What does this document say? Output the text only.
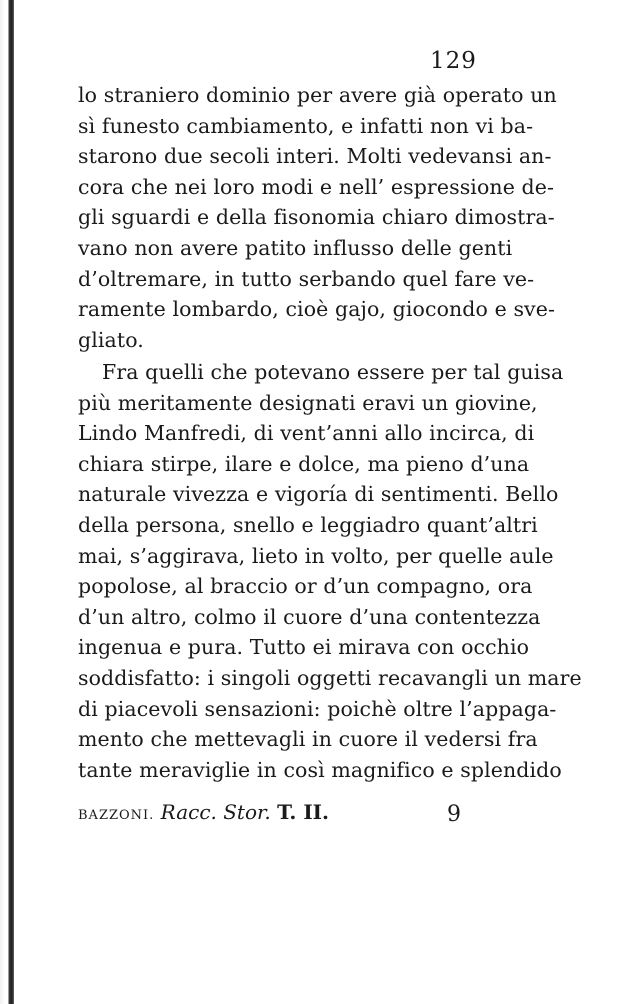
129
lo straniero dominio per avere già operato un
sì funesto cambiamento, e infatti non vi ba-
starono due secoli interi. Molti vedevansi an-
cora che nei loro modi e nell’ espressione de-
gli sguardi e della fisonomia chiaro dimostra-
vano non avere patito influsso delle genti
d’oltremare, in tutto serbando quel fare ve-
ramente lombardo, cioè gajo, giocondo e sve-
gliato.
Fra quelli che potevano essere per tal guisa
più meritamente designati eravi un giovine,
Lindo Manfredi, di vent’anni allo incirca, di
chiara stirpe, ilare e dolce, ma pieno d’una
naturale vivezza e vigoría di sentimenti. Bello
della persona, snello e leggiadro quant’altri
mai, s’aggirava, lieto in volto, per quelle aule
popolose, al braccio or d’un compagno, ora
d’un altro, colmo il cuore d’una contentezza
ingenua e pura. Tutto ei mirava con occhio
soddisfatto: i singoli oggetti recavangli un mare
di piacevoli sensazioni: poichè oltre l’appaga-
mento che mettevagli in cuore il vedersi fra
tante meraviglie in così magnifico e splendido
BAZZONI. Racc. Stor. T. II.	9
